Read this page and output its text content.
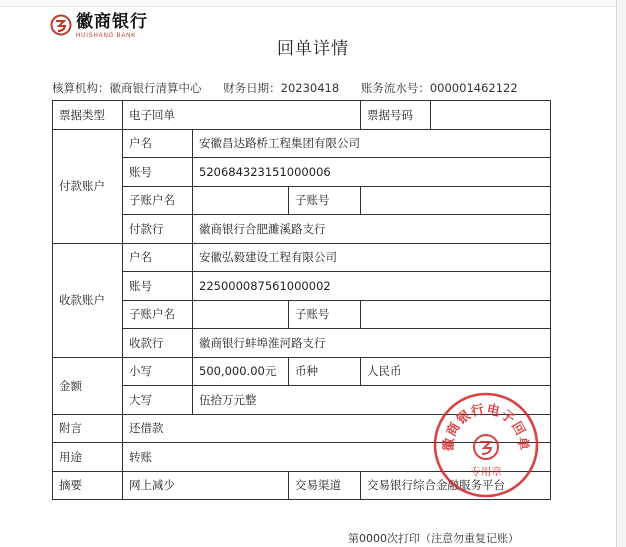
徽商银行
HUISHANG BANK
回单详情
核算机构：徽商银行清算中心 财务日期：20230418 账务流水号：000001462122
票据类型	电子回单			票据号码	
付款账户	户名	安徽昌达路桥工程集团有限公司			
	账号	520684323151000006			
	子账户名		子账号		
	付款行	徽商银行合肥濉溪路支行			
收款账户	户名	安徽弘毅建设工程有限公司			
	账号	225000087561000002			
	子账户名		子账号		
	收款行	徽商银行蚌埠淮河路支行			
金额	小写	500,000.00元	币种	人民币	
	大写	伍拾万元整			
附言	还借款				
用途	转账				
摘要	网上减少		交易渠道	交易银行综合金融服务平台	
徽商银行电子回单
专用章
第0000次打印（注意勿重复记账）
